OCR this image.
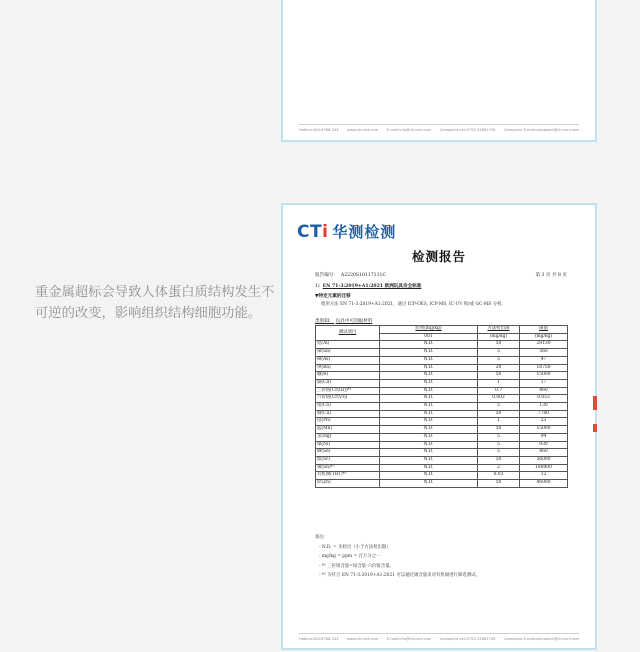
Hotline:400-6788-333 www.cti-cert.com E-mail:info@cti-cert.com Complaint call:0755-33681700 Complaint E-mail:complaint@cti-cert.com
重金属超标会导致人体蛋白质结构发生不可逆的改变，影响组织结构细胞功能。
CTi 华测检测
检测报告
报告编号：  A2220S10117111C	第 3 页 共 8 页
1) EN 71-3:2019+A1:2021 欧洲玩具安全标准
▼特定元素的迁移
使用方法 EN 71-3:2019+A1:2021，通过 ICP-OES, ICP-MS, IC-UV 和/或 GC-MS 分析。
类别III： 玩具中可刮取材料
测试项目	结果(mg/kg)	方法检出限	限值
	001	(mg/kg)	(mg/kg)
铝(Al)	N.D.	50	28130
锑(Sb)	N.D.	5	560
砷(As)	N.D.	5	47
钡(Ba)	N.D.	20	18750
硼(B)	N.D.	50	15000
镉(Cd)	N.D.	1	17
三价铬(Cr(III))*¹	N.D.	0.7	460
六价铬(Cr(VI))	N.D.	0.002	0.053
钴(Co)	N.D.	5	130
铜(Cu)	N.D.	50	7700
铅(Pb)	N.D.	1	23
锰(Mn)	N.D.	50	15000
汞(Hg)	N.D.	5	94
镍(Ni)	N.D.	5	930
硒(Se)	N.D.	5	460
锶(Sr)	N.D.	50	56000
锡(Sn)*²	N.D.	2	180000
有机锡(TBT)*²	N.D.	0.03	12
锌(Zn)	N.D.	50	46000
备注：
- N.D. = 未检出（小于方法检出限）
- mg/kg = ppm = 百万分之一
- *¹ 三价铬含量=铬含量-六价铬含量。
- *² 为符合 EN 71-3:2019+A1:2021 可以通过锡含量来对有机锡进行筛选测试。
Hotline:400-6788-333 www.cti-cert.com E-mail:info@cti-cert.com Complaint call:0755-33681700 Complaint E-mail:complaint@cti-cert.com
